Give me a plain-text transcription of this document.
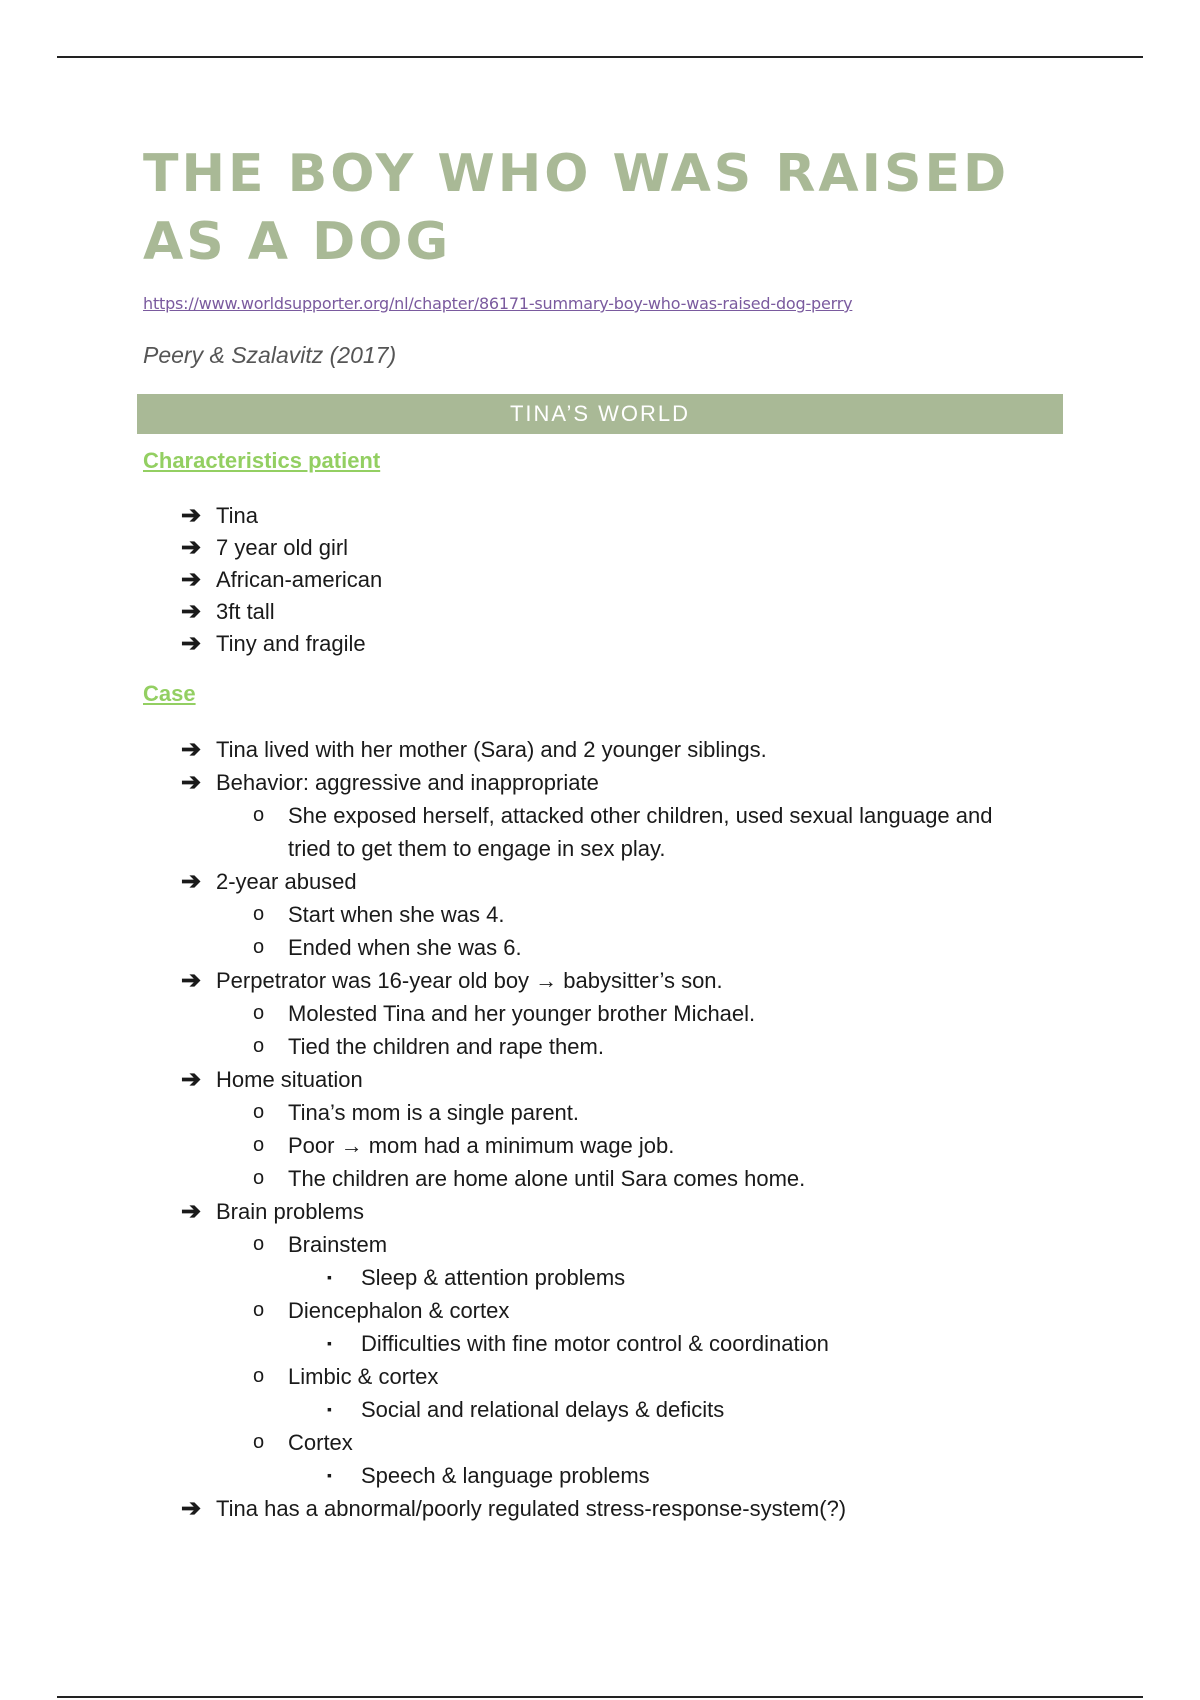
THE BOY WHO WAS RAISED AS A DOG
https://www.worldsupporter.org/nl/chapter/86171-summary-boy-who-was-raised-dog-perry
Peery & Szalavitz (2017)
TINA’S WORLD
Characteristics patient
➔ Tina
➔ 7 year old girl
➔ African-american
➔ 3ft tall
➔ Tiny and fragile
Case
➔ Tina lived with her mother (Sara) and 2 younger siblings.
➔ Behavior: aggressive and inappropriate
o She exposed herself, attacked other children, used sexual language and tried to get them to engage in sex play.
➔ 2-year abused
o Start when she was 4.
o Ended when she was 6.
➔ Perpetrator was 16-year old boy → babysitter’s son.
o Molested Tina and her younger brother Michael.
o Tied the children and rape them.
➔ Home situation
o Tina’s mom is a single parent.
o Poor → mom had a minimum wage job.
o The children are home alone until Sara comes home.
➔ Brain problems
o Brainstem
▪ Sleep & attention problems
o Diencephalon & cortex
▪ Difficulties with fine motor control & coordination
o Limbic & cortex
▪ Social and relational delays & deficits
o Cortex
▪ Speech & language problems
➔ Tina has a abnormal/poorly regulated stress-response-system(?)
